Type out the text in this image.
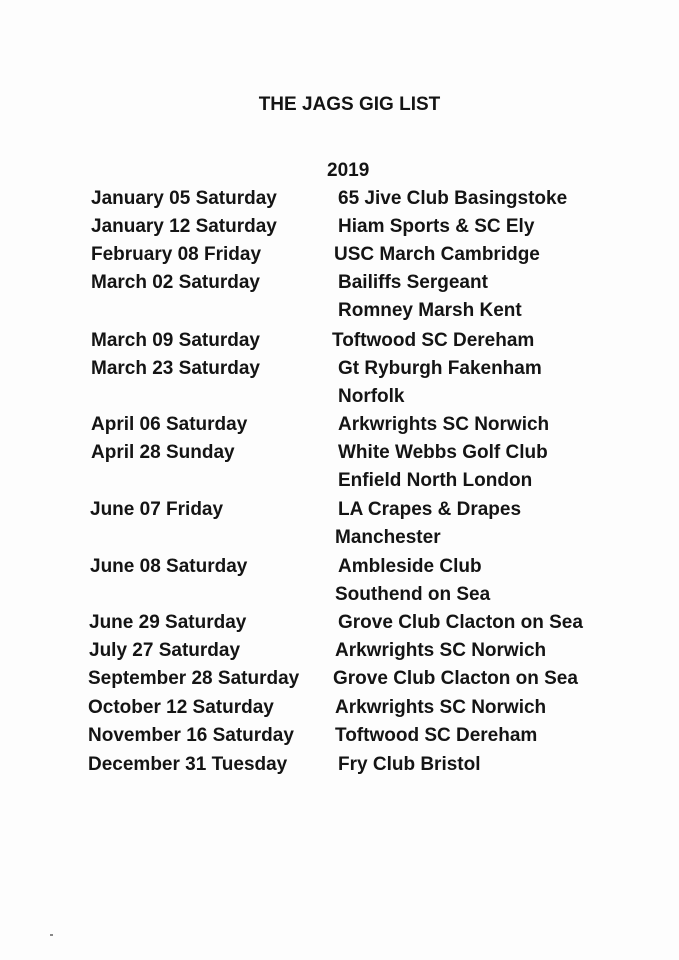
THE JAGS GIG LIST
2019
January 05 Saturday	65 Jive Club Basingstoke
January 12 Saturday	Hiam Sports & SC Ely
February 08 Friday	USC March Cambridge
March 02 Saturday	Bailiffs Sergeant
Romney Marsh Kent
March 09 Saturday	Toftwood SC Dereham
March 23 Saturday	Gt Ryburgh Fakenham
Norfolk
April 06 Saturday	Arkwrights SC Norwich
April 28 Sunday	White Webbs Golf Club
Enfield North London
June 07 Friday	LA Crapes & Drapes
Manchester
June 08 Saturday	Ambleside Club
Southend on Sea
June 29 Saturday	Grove Club Clacton on Sea
July 27 Saturday	Arkwrights SC Norwich
September 28 Saturday Grove Club Clacton on Sea
October 12 Saturday	Arkwrights SC Norwich
November 16 Saturday Toftwood SC Dereham
December 31 Tuesday	Fry Club Bristol
